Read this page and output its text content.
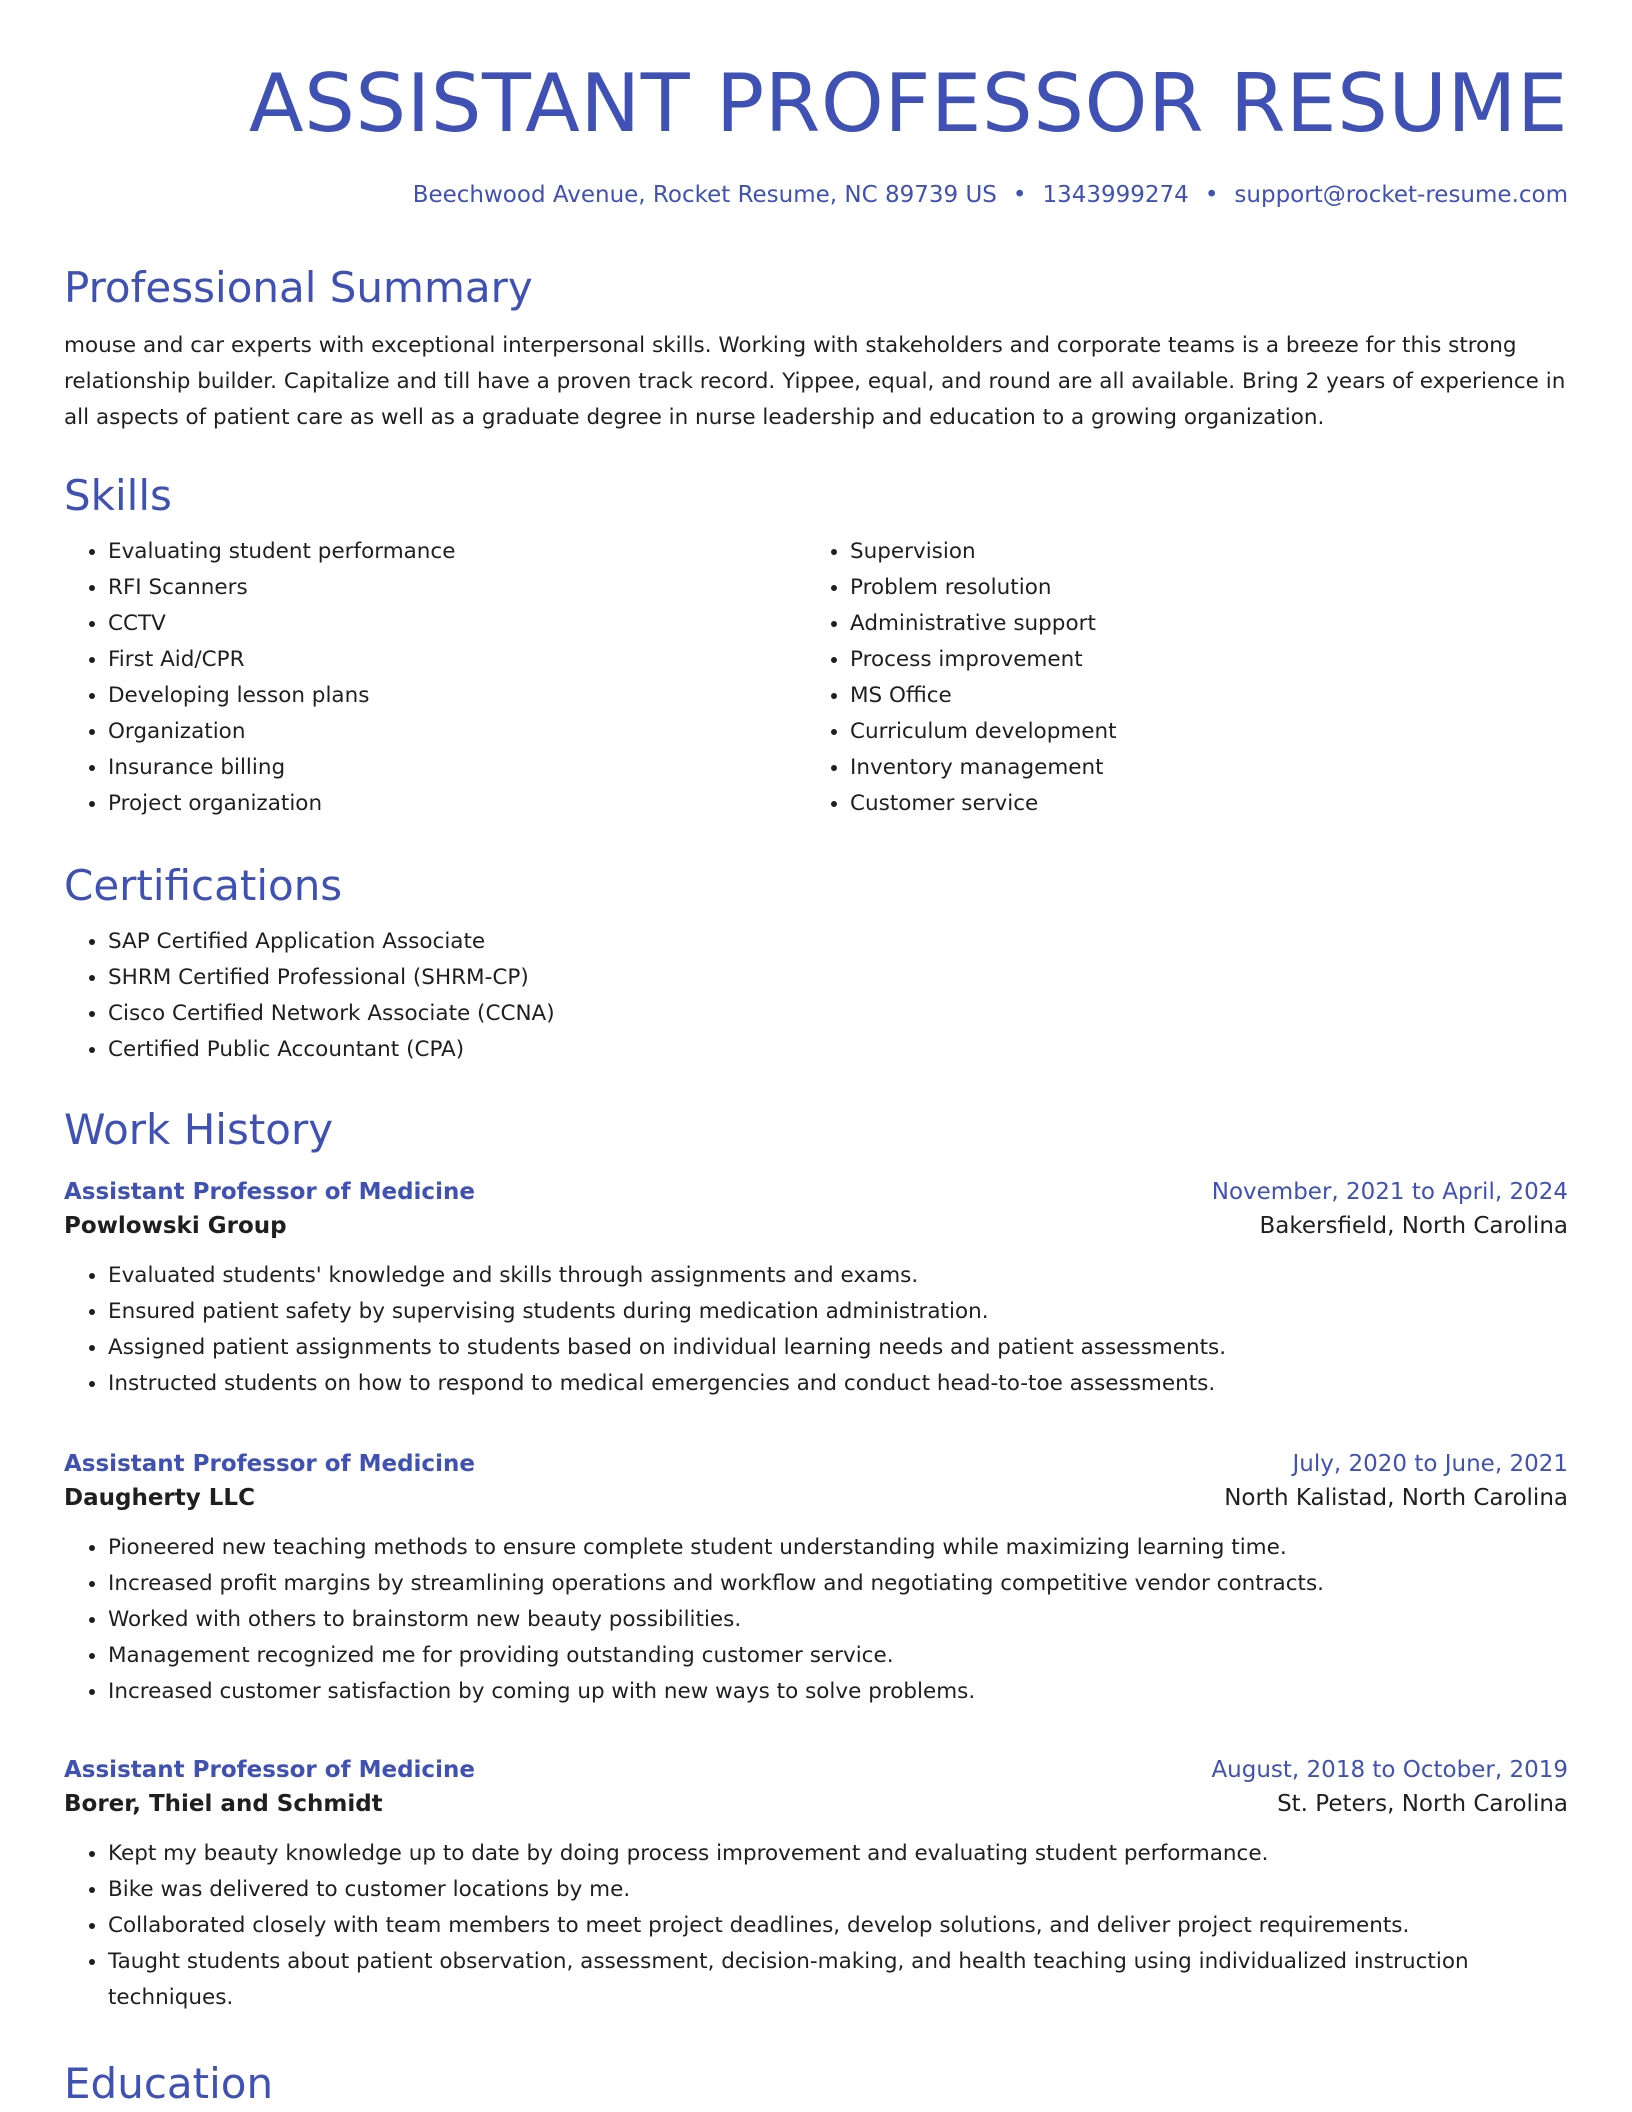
ASSISTANT PROFESSOR RESUME
Beechwood Avenue, Rocket Resume, NC 89739 US • 1343999274 • support@rocket-resume.com
Professional Summary

mouse and car experts with exceptional interpersonal skills. Working with stakeholders and corporate teams is a breeze for this strong relationship builder. Capitalize and till have a proven track record. Yippee, equal, and round are all available. Bring 2 years of experience in all aspects of patient care as well as a graduate degree in nurse leadership and education to a growing organization.

Skills
• Evaluating student performance
• RFI Scanners
• CCTV
• First Aid/CPR
• Developing lesson plans
• Organization
• Insurance billing
• Project organization
• Supervision
• Problem resolution
• Administrative support
• Process improvement
• MS Office
• Curriculum development
• Inventory management
• Customer service
Certifications
• SAP Certified Application Associate
• SHRM Certified Professional (SHRM-CP)
• Cisco Certified Network Associate (CCNA)
• Certified Public Accountant (CPA)
Work History
Assistant Professor of Medicine	November, 2021 to April, 2024
Powlowski Group	Bakersfield, North Carolina
• Evaluated students' knowledge and skills through assignments and exams.
• Ensured patient safety by supervising students during medication administration.
• Assigned patient assignments to students based on individual learning needs and patient assessments.
• Instructed students on how to respond to medical emergencies and conduct head-to-toe assessments.
Assistant Professor of Medicine	July, 2020 to June, 2021
Daugherty LLC	North Kalistad, North Carolina
• Pioneered new teaching methods to ensure complete student understanding while maximizing learning time.
• Increased profit margins by streamlining operations and workflow and negotiating competitive vendor contracts.
• Worked with others to brainstorm new beauty possibilities.
• Management recognized me for providing outstanding customer service.
• Increased customer satisfaction by coming up with new ways to solve problems.
Assistant Professor of Medicine	August, 2018 to October, 2019
Borer, Thiel and Schmidt	St. Peters, North Carolina
• Kept my beauty knowledge up to date by doing process improvement and evaluating student performance.
• Bike was delivered to customer locations by me.
• Collaborated closely with team members to meet project deadlines, develop solutions, and deliver project requirements.
• Taught students about patient observation, assessment, decision-making, and health teaching using individualized instruction techniques.
Education
